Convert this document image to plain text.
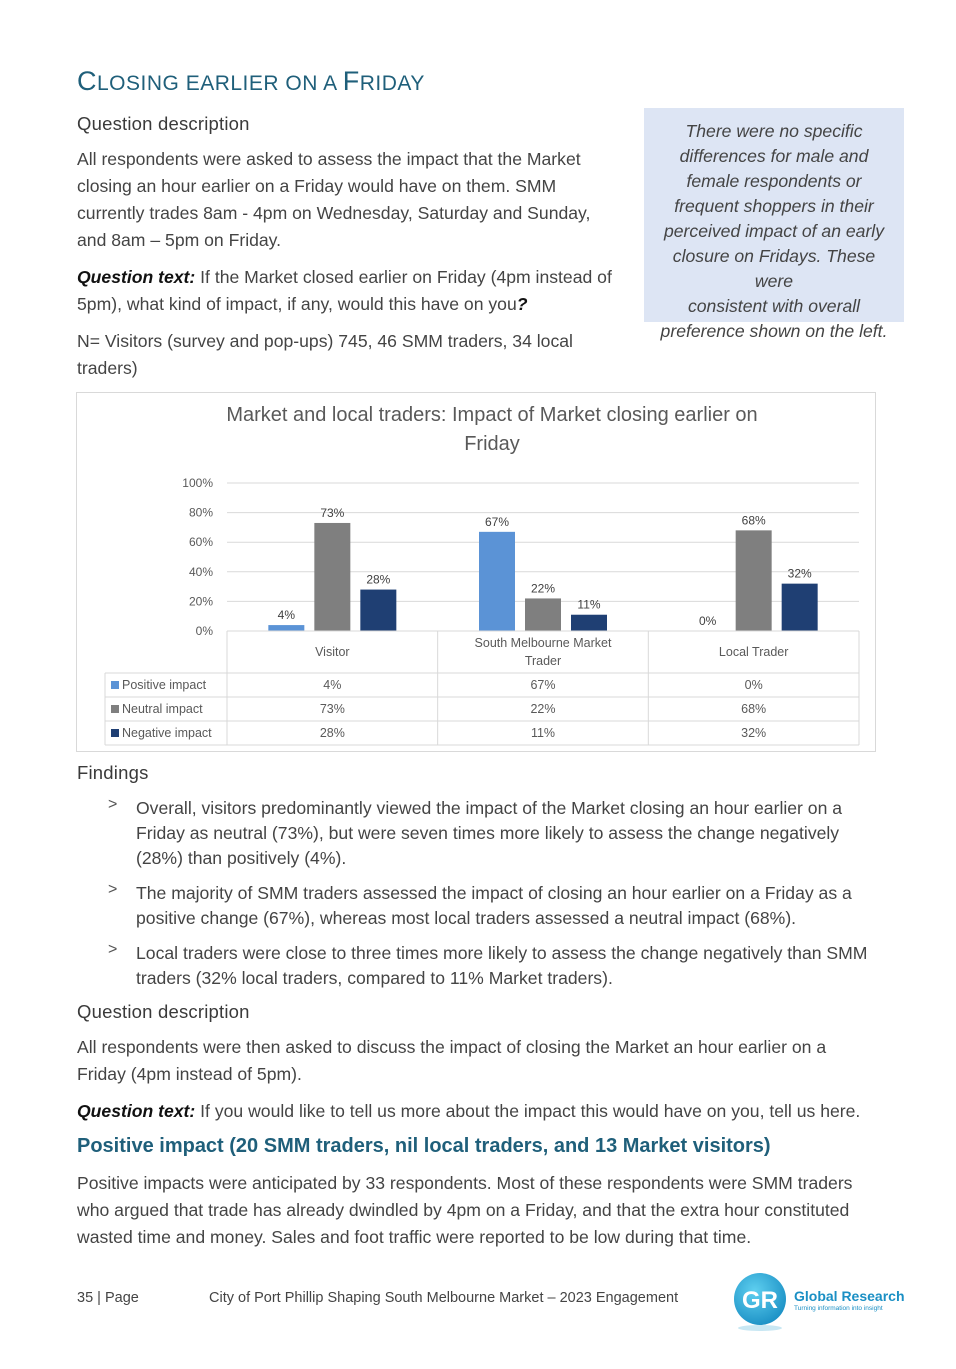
CLOSING EARLIER ON A FRIDAY
Question description
All respondents were asked to assess the impact that the Market
closing an hour earlier on a Friday would have on them. SMM
currently trades 8am - 4pm on Wednesday, Saturday and Sunday,
and 8am – 5pm on Friday.
Question text: If the Market closed earlier on Friday (4pm instead of
5pm), what kind of impact, if any, would this have on you?
N= Visitors (survey and pop-ups) 745, 46 SMM traders, 34 local
traders)
There were no specific
differences for male and
female respondents or
frequent shoppers in their
perceived impact of an early
closure on Fridays. These were
consistent with overall
preference shown on the left.
Market and local traders: Impact of Market closing earlier on
Friday
0%
20%
40%
60%
80%
100%
4%
67%
0%
73%
22%
68%
28%
11%
32%
Visitor
South Melbourne Market
Trader
Local Trader
Positive impact	4%	67%	0%
Neutral impact	73%	22%	68%
Negative impact	28%	11%	32%
Findings
> Overall, visitors predominantly viewed the impact of the Market closing an hour earlier on a
Friday as neutral (73%), but were seven times more likely to assess the change negatively
(28%) than positively (4%).
> The majority of SMM traders assessed the impact of closing an hour earlier on a Friday as a
positive change (67%), whereas most local traders assessed a neutral impact (68%).
> Local traders were close to three times more likely to assess the change negatively than SMM
traders (32% local traders, compared to 11% Market traders).
Question description
All respondents were then asked to discuss the impact of closing the Market an hour earlier on a
Friday (4pm instead of 5pm).
Question text: If you would like to tell us more about the impact this would have on you, tell us here.
Positive impact (20 SMM traders, nil local traders, and 13 Market visitors)
Positive impacts were anticipated by 33 respondents. Most of these respondents were SMM traders
who argued that trade has already dwindled by 4pm on a Friday, and that the extra hour constituted
wasted time and money. Sales and foot traffic were reported to be low during that time.
35 | Page	City of Port Phillip Shaping South Melbourne Market – 2023 Engagement	GR Global Research
Turning information into insight
